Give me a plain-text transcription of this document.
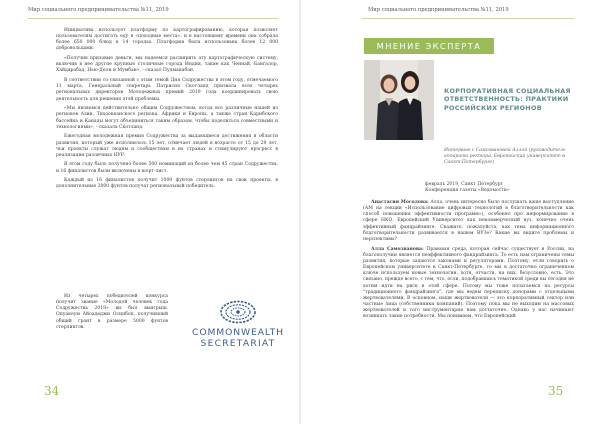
Мир социального предпринимательства №11, 2019	Мир социального предпринимательства №11, 2019

Инициатива использует платформу по картографированию, которая позволяет пользователям достигать еду в «походные места», и в настоящему времени она собрала более 650 000 блюд в 14 городах. Платформа была использована более 12 000 добровольцами.

«Получив призовые деньги, мы надеемся расширить эту картографическую систему, включив в нее другие крупные столичные города Индии, такие как Ченнай, Бангалор, Хайдарабад, Нью-Дели и Мумбаи», - сказал Пудманабан.

В соответствии со связанной с этим темой Дня Содружества в этом году, отмечаемого 11 марта, Генеральный секретарь Патрисия Скотланд призвала всех четырех региональных директоров Молодежных премий 2019 года координировать свою деятельность для решения этой проблемы.

«Мы являемся действительно общим Содружеством, когда все различные нашей из регионов Азии, Тихоокеанского региона, Африки и Европы, а также стран Карибского бассейна и Канады могут объединиться таким образом, чтобы поделиться совместными и технологиями», - сказала Скотланд.

Ежегодная молодежная премия Содружества за выдающиеся достижения в области развития, который уже исполнилось 15 лет, отмечает людей в возрасте от 15 до 29 лет, чьи проекты служат людям и сообществам в их странах и стимулируют прогресс в реализации различных ЦУР.

В этом году было получено более 500 номинаций из более чем 45 стран Содружества, и 16 финалистов были включены в шорт-лист.

Каждый из 16 финалистов получит 1000 фунтов стерлингов на свои проекты, в дополнительные 2000 фунтов получат региональный победитель.

Из четырех победителей конкурса получит звание «Молодой человек года Содружества 2019» вы был выигрыш. Опуакеум Айоадеджи Осинбоп, получивший общий грант в размере 5000 фунтов стерлингов.	COMMONWEALTH
SECRETARIAT
34
МНЕНИЕ ЭКСПЕРТА
КОРПОРАТИВНАЯ СОЦИАЛЬНАЯ ОТВЕТСТВЕННОСТЬ: ПРАКТИКИ РОССИЙСКИХ РЕГИОНОВ
Интервью с Самозвановой Аллой (руководитель аппарата ректора, Европейский университет в Санкт-Петербурге)
февраль 2019, Санкт Петербург
Конференция газеты «Ведомости»

Анастасия Мосолова: Алла, очень интересно было послушать ваше выступление (АМ на секции «Использование цифровых технологий в благотворительности как способ повышения эффективности программ»), особенно про информирование в сфере НКО. Европейский Университет как некоммерческий вуз, конечно очень эффективный фандрайзинге. Скажите, пожалуйста, как тема информационного благотворительности развивается в нашем ВУЗе? Какие вы видите проблемы и перспективы?

Алла Самозванова: Правовая среда, которая сейчас существует в России, на благополучии является неэффективного фандрайзинга. То есть нам ограничены темы развития, которые задаются законами и регуляторами. Поэтому, если говорить о Европейском университете в Санкт-Петербурге, то мы в достаточно ограниченном ключе используем новые технологии, хотя, отчасти, на них, безусловно, есть. Это связано, прежде всего, с тем, что, если, подобравшись тематикой среди вы сегодня не хотим идти на риск в этой сфере. Потому мы тоже полагаемся на ресурсы "традиционного фандрайзинга", где мы ведем переписку донорами с отдельными жертвователями. В основном, наши жертвователи — это корпоративный сектор или частные лица (собственники компаний). Поэтому пока мы не выходим на массовых жертвователей и того инструментария нам достаточно. Однако у нас начинают возникать такие потребности. Мы понимаем, что Европейский

35
